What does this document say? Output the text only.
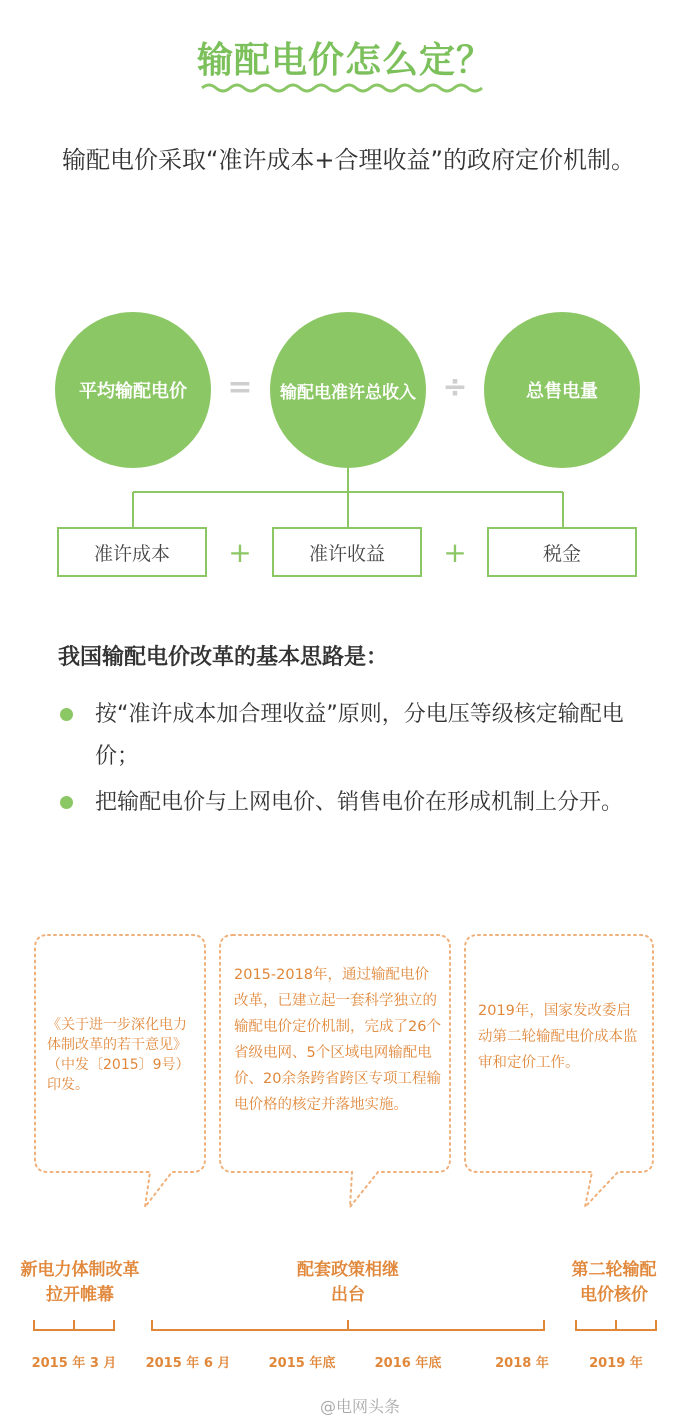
输配电价怎么定？
输配电价采取“准许成本+合理收益”的政府定价机制。
平均输配电价	=	输配电准许总收入 ÷	总售电量
准许成本	+	准许收益	+	税金
我国输配电价改革的基本思路是：
按“准许成本加合理收益”原则，分电压等级核定输配电价；
把输配电价与上网电价、销售电价在形成机制上分开。
《关于进一步深化电力体制改革的若干意见》（中发〔2015〕9号）印发。
2015-2018年，通过输配电价改革，已建立起一套科学独立的输配电价定价机制，完成了26个省级电网、5个区域电网输配电价、20余条跨省跨区专项工程输电价格的核定并落地实施。
2019年，国家发改委启动第二轮输配电价成本监审和定价工作。
新电力体制改革拉开帷幕
配套政策相继出台
第二轮输配电价核价
2015 年 3 月	2015 年 6 月	2015 年底	2016 年底	2018 年	2019 年
@电网头条
